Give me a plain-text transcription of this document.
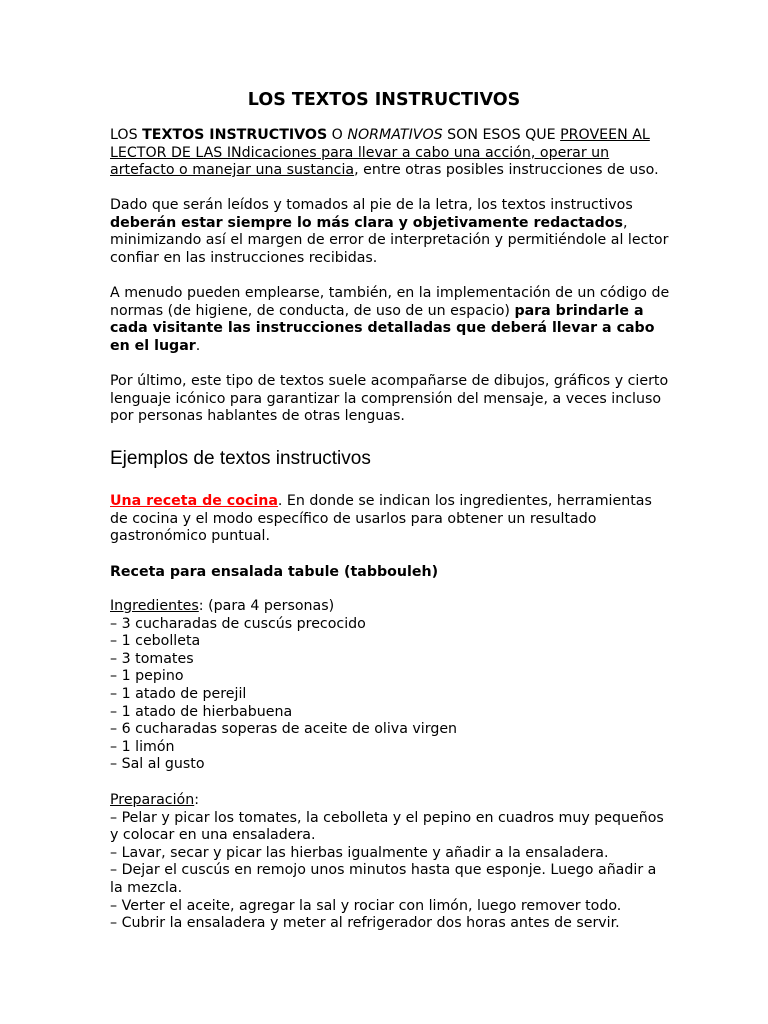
LOS TEXTOS INSTRUCTIVOS

LOS TEXTOS INSTRUCTIVOS O NORMATIVOS SON ESOS QUE PROVEEN AL LECTOR DE LAS INdicaciones para llevar a cabo una acción, operar un artefacto o manejar una sustancia, entre otras posibles instrucciones de uso.

Dado que serán leídos y tomados al pie de la letra, los textos instructivos deberán estar siempre lo más clara y objetivamente redactados, minimizando así el margen de error de interpretación y permitiéndole al lector confiar en las instrucciones recibidas.

A menudo pueden emplearse, también, en la implementación de un código de normas (de higiene, de conducta, de uso de un espacio) para brindarle a cada visitante las instrucciones detalladas que deberá llevar a cabo en el lugar.

Por último, este tipo de textos suele acompañarse de dibujos, gráficos y cierto lenguaje icónico para garantizar la comprensión del mensaje, a veces incluso por personas hablantes de otras lenguas.

Ejemplos de textos instructivos

Una receta de cocina. En donde se indican los ingredientes, herramientas de cocina y el modo específico de usarlos para obtener un resultado gastronómico puntual.

Receta para ensalada tabule (tabbouleh)

Ingredientes: (para 4 personas)

– 3 cucharadas de cuscús precocido
– 1 cebolleta
– 3 tomates
– 1 pepino
– 1 atado de perejil
– 1 atado de hierbabuena
– 6 cucharadas soperas de aceite de oliva virgen
– 1 limón
– Sal al gusto

Preparación:

– Pelar y picar los tomates, la cebolleta y el pepino en cuadros muy pequeños y colocar en una ensaladera.
– Lavar, secar y picar las hierbas igualmente y añadir a la ensaladera.
– Dejar el cuscús en remojo unos minutos hasta que esponje. Luego añadir a la mezcla.
– Verter el aceite, agregar la sal y rociar con limón, luego remover todo.
– Cubrir la ensaladera y meter al refrigerador dos horas antes de servir.
